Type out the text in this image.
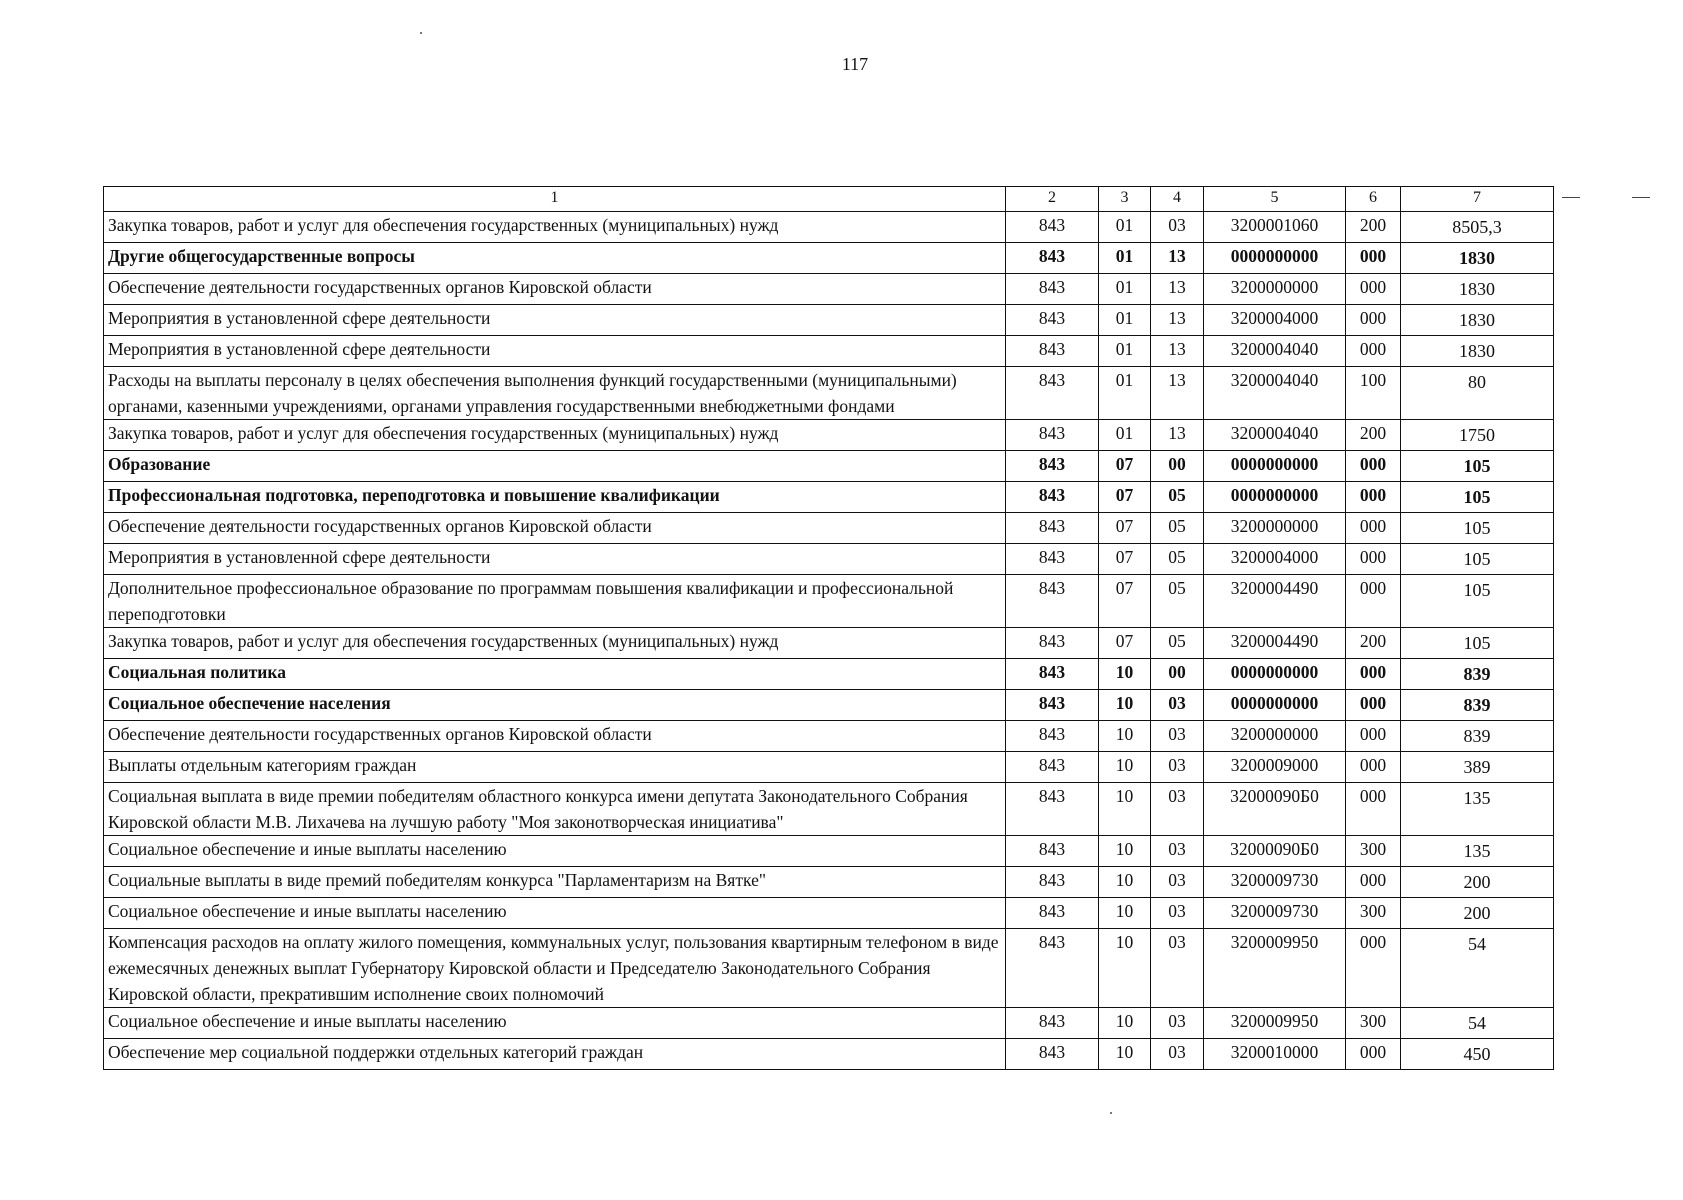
117
1	2	3	4	5	6	7
Закупка товаров, работ и услуг для обеспечения государственных (муниципальных) нужд	843	01	03	3200001060	200	8505,3
Другие общегосударственные вопросы	843	01	13	0000000000	000	1830
Обеспечение деятельности государственных органов Кировской области	843	01	13	3200000000	000	1830
Мероприятия в установленной сфере деятельности	843	01	13	3200004000	000	1830
Мероприятия в установленной сфере деятельности	843	01	13	3200004040	000	1830
Расходы на выплаты персоналу в целях обеспечения выполнения функций государственными (муниципальными) органами, казенными учреждениями, органами управления государственными внебюджетными фондами	843	01	13	3200004040	100	80
Закупка товаров, работ и услуг для обеспечения государственных (муниципальных) нужд	843	01	13	3200004040	200	1750
Образование	843	07	00	0000000000	000	105
Профессиональная подготовка, переподготовка и повышение квалификации	843	07	05	0000000000	000	105
Обеспечение деятельности государственных органов Кировской области	843	07	05	3200000000	000	105
Мероприятия в установленной сфере деятельности	843	07	05	3200004000	000	105
Дополнительное профессиональное образование по программам повышения квалификации и профессиональной переподготовки	843	07	05	3200004490	000	105
Закупка товаров, работ и услуг для обеспечения государственных (муниципальных) нужд	843	07	05	3200004490	200	105
Социальная политика	843	10	00	0000000000	000	839
Социальное обеспечение населения	843	10	03	0000000000	000	839
Обеспечение деятельности государственных органов Кировской области	843	10	03	3200000000	000	839
Выплаты отдельным категориям граждан	843	10	03	3200009000	000	389
Социальная выплата в виде премии победителям областного конкурса имени депутата Законодательного Собрания Кировской области М.В. Лихачева на лучшую работу "Моя законотворческая инициатива"	843	10	03	32000090Б0	000	135
Социальное обеспечение и иные выплаты населению	843	10	03	32000090Б0	300	135
Социальные выплаты в виде премий победителям конкурса "Парламентаризм на Вятке"	843	10	03	3200009730	000	200
Социальное обеспечение и иные выплаты населению	843	10	03	3200009730	300	200
Компенсация расходов на оплату жилого помещения, коммунальных услуг, пользования квартирным телефоном в виде ежемесячных денежных выплат Губернатору Кировской области и Председателю Законодательного Собрания Кировской области, прекратившим исполнение своих полномочий	843	10	03	3200009950	000	54
Социальное обеспечение и иные выплаты населению	843	10	03	3200009950	300	54
Обеспечение мер социальной поддержки отдельных категорий граждан	843	10	03	3200010000	000	450
